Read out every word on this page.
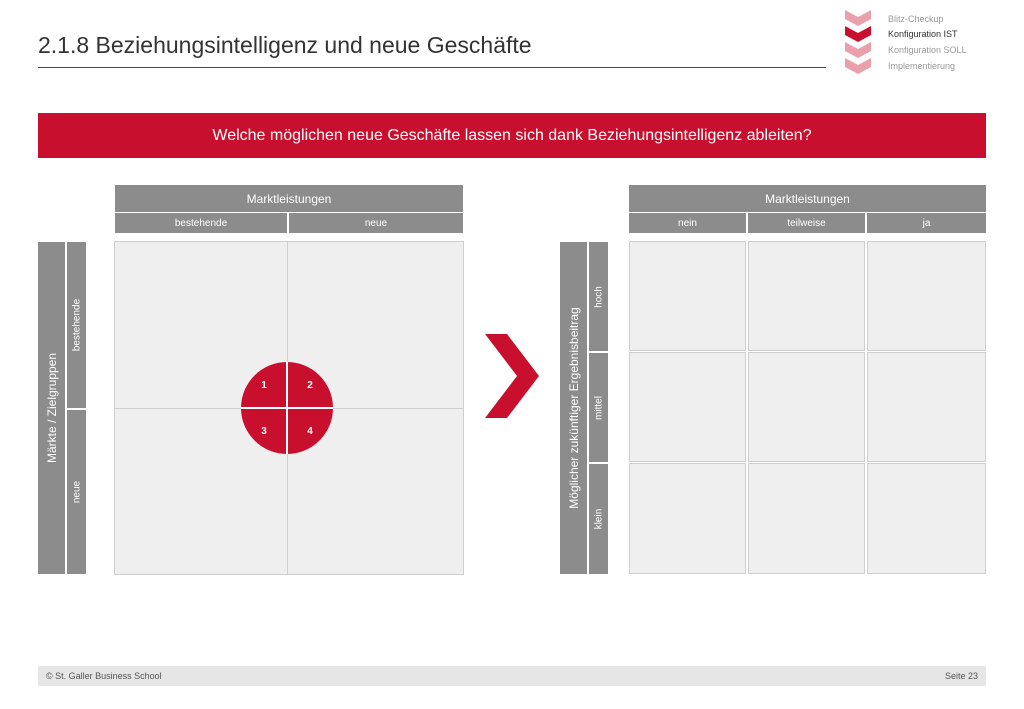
2.1.8 Beziehungsintelligenz und neue Geschäfte
Blitz-Checkup
Konfiguration IST
Konfiguration SOLL
Implementierung
Welche möglichen neue Geschäfte lassen sich dank Beziehungsintelligenz ableiten?
Marktleistungen
bestehende	neue
Märkte / Zielgruppen
bestehende
neue
1	2
3	4
Marktleistungen
nein	teilweise	ja
Möglicher zukünftiger Ergebnisbeitrag
hoch
mittel
klein
© St. Galler Business School	Seite 23
